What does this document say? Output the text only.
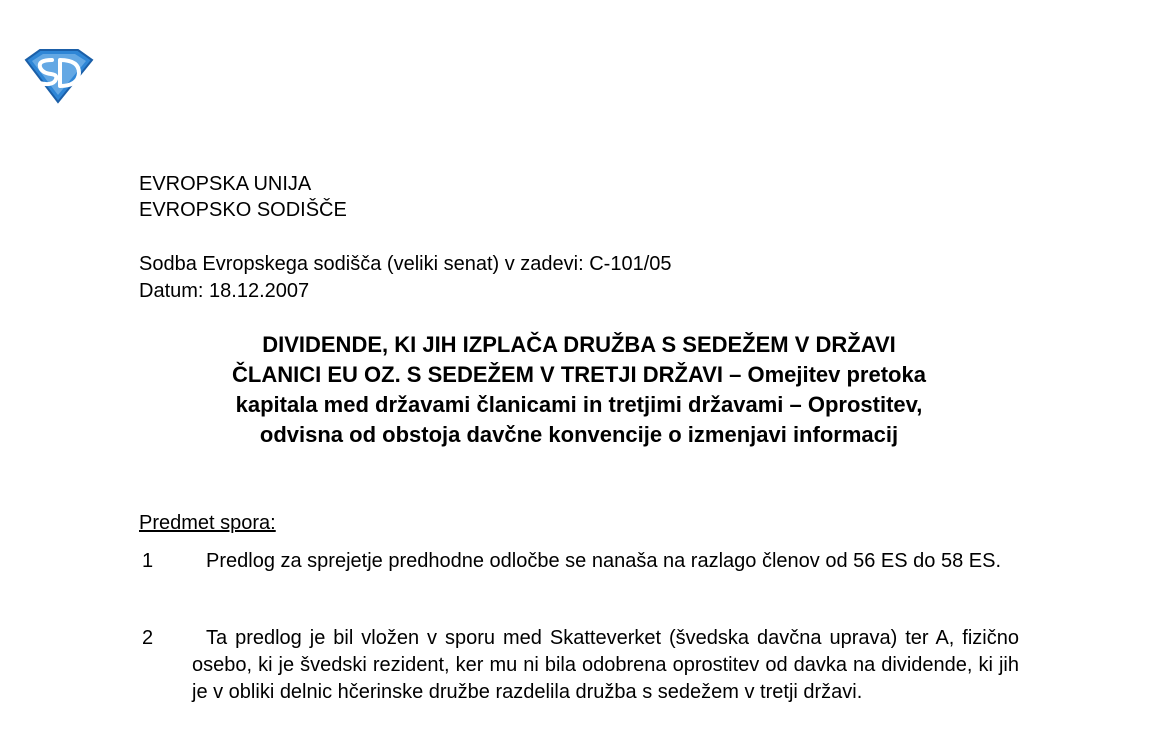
EVROPSKA UNIJA
EVROPSKO SODIŠČE
Sodba Evropskega sodišča (veliki senat) v zadevi: C-101/05
Datum: 18.12.2007
DIVIDENDE, KI JIH IZPLAČA DRUŽBA S SEDEŽEM V DRŽAVI
ČLANICI EU OZ. S SEDEŽEM V TRETJI DRŽAVI – Omejitev pretoka
kapitala med državami članicami in tretjimi državami – Oprostitev,
odvisna od obstoja davčne konvencije o izmenjavi informacij
Predmet spora:
1	Predlog za sprejetje predhodne odločbe se nanaša na razlago členov od 56 ES do 58 ES.
2	Ta predlog je bil vložen v sporu med Skatteverket (švedska davčna uprava) ter A, fizično osebo, ki je švedski rezident, ker mu ni bila odobrena oprostitev od davka na dividende, ki jih je v obliki delnic hčerinske družbe razdelila družba s sedežem v tretji državi.
